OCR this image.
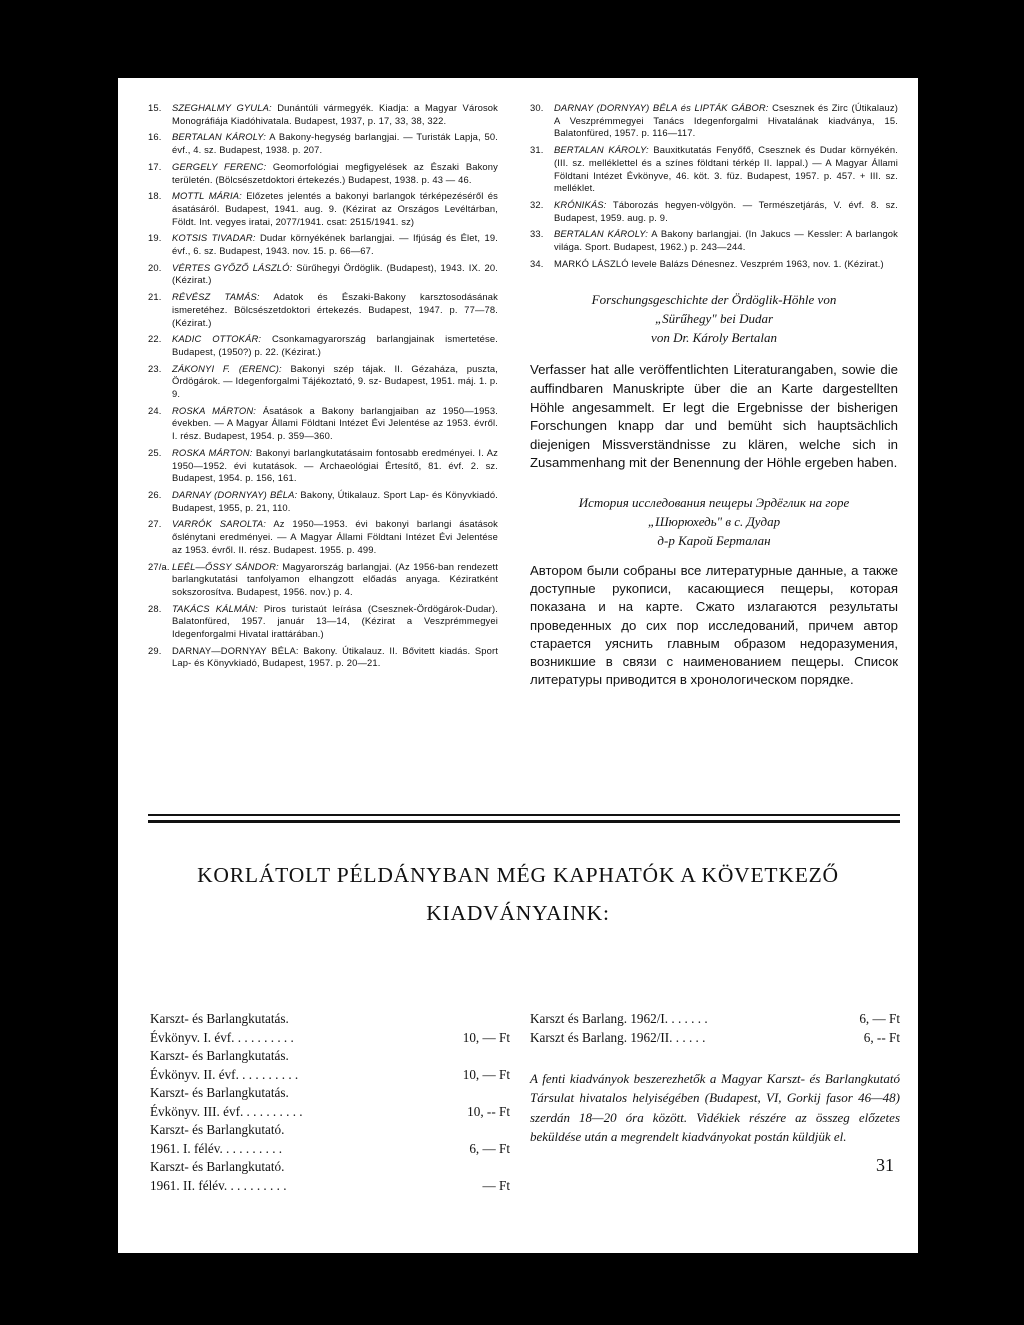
15. SZEGHALMY GYULA: Dunántúli vármegyék. Kiadja: a Magyar Városok Monográfiája Kiadóhivatala. Budapest, 1937, p. 17, 33, 38, 322.
16. BERTALAN KÁROLY: A Bakony-hegység barlangjai. — Turisták Lapja, 50. évf., 4. sz. Budapest, 1938. p. 207.
17. GERGELY FERENC: Geomorfológiai megfigyelések az Északi Bakony területén. (Bölcsészetdoktori értekezés.) Budapest, 1938. p. 43 — 46.
18. MOTTL MÁRIA: Előzetes jelentés a bakonyi barlangok térképezéséről és ásatásáról. Budapest, 1941. aug. 9. (Kézirat az Országos Levéltárban, Földt. Int. vegyes iratai, 2077/1941. csat: 2515/1941. sz)
19. KOTSIS TIVADAR: Dudar környékének barlangjai. — Ifjúság és Élet, 19. évf., 6. sz. Budapest, 1943. nov. 15. p. 66—67.
20. VÉRTES GYŐZŐ LÁSZLÓ: Sürűhegyi Ördöglik. (Budapest), 1943. IX. 20. (Kézirat.)
21. RÉVÉSZ TAMÁS: Adatok és Északi-Bakony karsztosodásának ismeretéhez. Bölcsészetdoktori értekezés. Budapest, 1947. p. 77—78. (Kézirat.)
22. KADIC OTTOKÁR: Csonkamagyarország barlangjainak ismertetése. Budapest, (1950?) p. 22. (Kézirat.)
23. ZÁKONYI F. (ERENC): Bakonyi szép tájak. II. Gézaháza, puszta, Ördögárok. — Idegenforgalmi Tájékoztató, 9. sz- Budapest, 1951. máj. 1. p. 9.
24. ROSKA MÁRTON: Ásatások a Bakony barlangjaiban az 1950—1953. években. — A Magyar Állami Földtani Intézet Évi Jelentése az 1953. évről. I. rész. Budapest, 1954. p. 359—360.
25. ROSKA MÁRTON: Bakonyi barlangkutatásaim fontosabb eredményei. I. Az 1950—1952. évi kutatások. — Archaeológiai Értesítő, 81. évf. 2. sz. Budapest, 1954. p. 156, 161.
26. DARNAY (DORNYAY) BÉLA: Bakony, Útikalauz. Sport Lap- és Könyvkiadó. Budapest, 1955, p. 21, 110.
27. VARRÓK SAROLTA: Az 1950—1953. évi bakonyi barlangi ásatások őslénytani eredményei. — A Magyar Állami Földtani Intézet Évi Jelentése az 1953. évről. II. rész. Budapest. 1955. p. 499.
27/a. LEÉL—ŐSSY SÁNDOR: Magyarország barlangjai. (Az 1956-ban rendezett barlangkutatási tanfolyamon elhangzott előadás anyaga. Kéziratként sokszorosítva. Budapest, 1956. nov.) p. 4.
28. TAKÁCS KÁLMÁN: Piros turistaút leírása (Csesznek-Ördögárok-Dudar). Balatonfüred, 1957. január 13—14, (Kézirat a Veszprémmegyei Idegenforgalmi Hivatal irattárában.)
29. DARNAY—DORNYAY BÉLA: Bakony. Útikalauz. II. Bővitett kiadás. Sport Lap- és Könyvkiadó, Budapest, 1957. p. 20—21.
30. DARNAY (DORNYAY) BÉLA és LIPTÁK GÁBOR: Csesznek és Zirc (Útikalauz) A Veszprémmegyei Tanács Idegenforgalmi Hivatalának kiadványa, 15. Balatonfüred, 1957. p. 116—117.
31. BERTALAN KÁROLY: Bauxitkutatás Fenyőfő, Csesznek és Dudar környékén. (III. sz. melléklettel és a színes földtani térkép II. lappal.) — A Magyar Állami Földtani Intézet Évkönyve, 46. köt. 3. füz. Budapest, 1957. p. 457. + III. sz. melléklet.
32. KRÓNIKÁS: Táborozás hegyen-völgyön. — Természetjárás, V. évf. 8. sz. Budapest, 1959. aug. p. 9.
33. BERTALAN KÁROLY: A Bakony barlangjai. (In Jakucs — Kessler: A barlangok világa. Sport. Budapest, 1962.) p. 243—244.
34. MARKÓ LÁSZLÓ levele Balázs Dénesnez. Veszprém 1963, nov. 1. (Kézirat.)
Forschungsgeschichte der Ördöglik-Höhle von
„Sürűhegy" bei Dudar
von Dr. Károly Bertalan
Verfasser hat alle veröffentlichten Literaturangaben, sowie die auffindbaren Manuskripte über die an Karte dargestellten Höhle angesammelt. Er legt die Ergebnisse der bisherigen Forschungen knapp dar und bemüht sich hauptsächlich diejenigen Missverständnisse zu klären, welche sich in Zusammenhang mit der Benennung der Höhle ergeben haben.
История исследования пещеры Эрдёглик на горе
„Шюрюхедь" в с. Дудар
д-р Карой Берталан
Автором были собраны все литературные данные, а также доступные рукописи, касающиеся пещеры, которая показана и на карте. Сжато излагаются результаты проведенных до сих пор исследований, причем автор старается уяснить главным образом недоразумения, возникшие в связи с наименованием пещеры. Список литературы приводится в хронологическом порядке.
KORLÁTOLT PÉLDÁNYBAN MÉG KAPHATÓK A KÖVETKEZŐ
KIADVÁNYAINK:
Karszt- és Barlangkutatás.
Évkönyv. I. évf. . . . . . . . . .	10, — Ft
Karszt- és Barlangkutatás.
Évkönyv. II. évf. . . . . . . . . .	10, — Ft
Karszt- és Barlangkutatás.
Évkönyv. III. évf. . . . . . . . . .	10, -- Ft
Karszt- és Barlangkutató.
1961. I. félév. . . . . . . . . .	6, — Ft
Karszt- és Barlangkutató.
1961. II. félév. . . . . . . . . .	— Ft
Karszt és Barlang. 1962/I. . . . . . .	6, — Ft
Karszt és Barlang. 1962/II. . . . . .	6, -- Ft
A fenti kiadványok beszerezhetők a Magyar Karszt- és Barlangkutató Társulat hivatalos helyiségében (Budapest, VI, Gorkij fasor 46—48) szerdán 18—20 óra között. Vidékiek részére az összeg előzetes beküldése után a megrendelt kiadványokat postán küldjük el.
31
